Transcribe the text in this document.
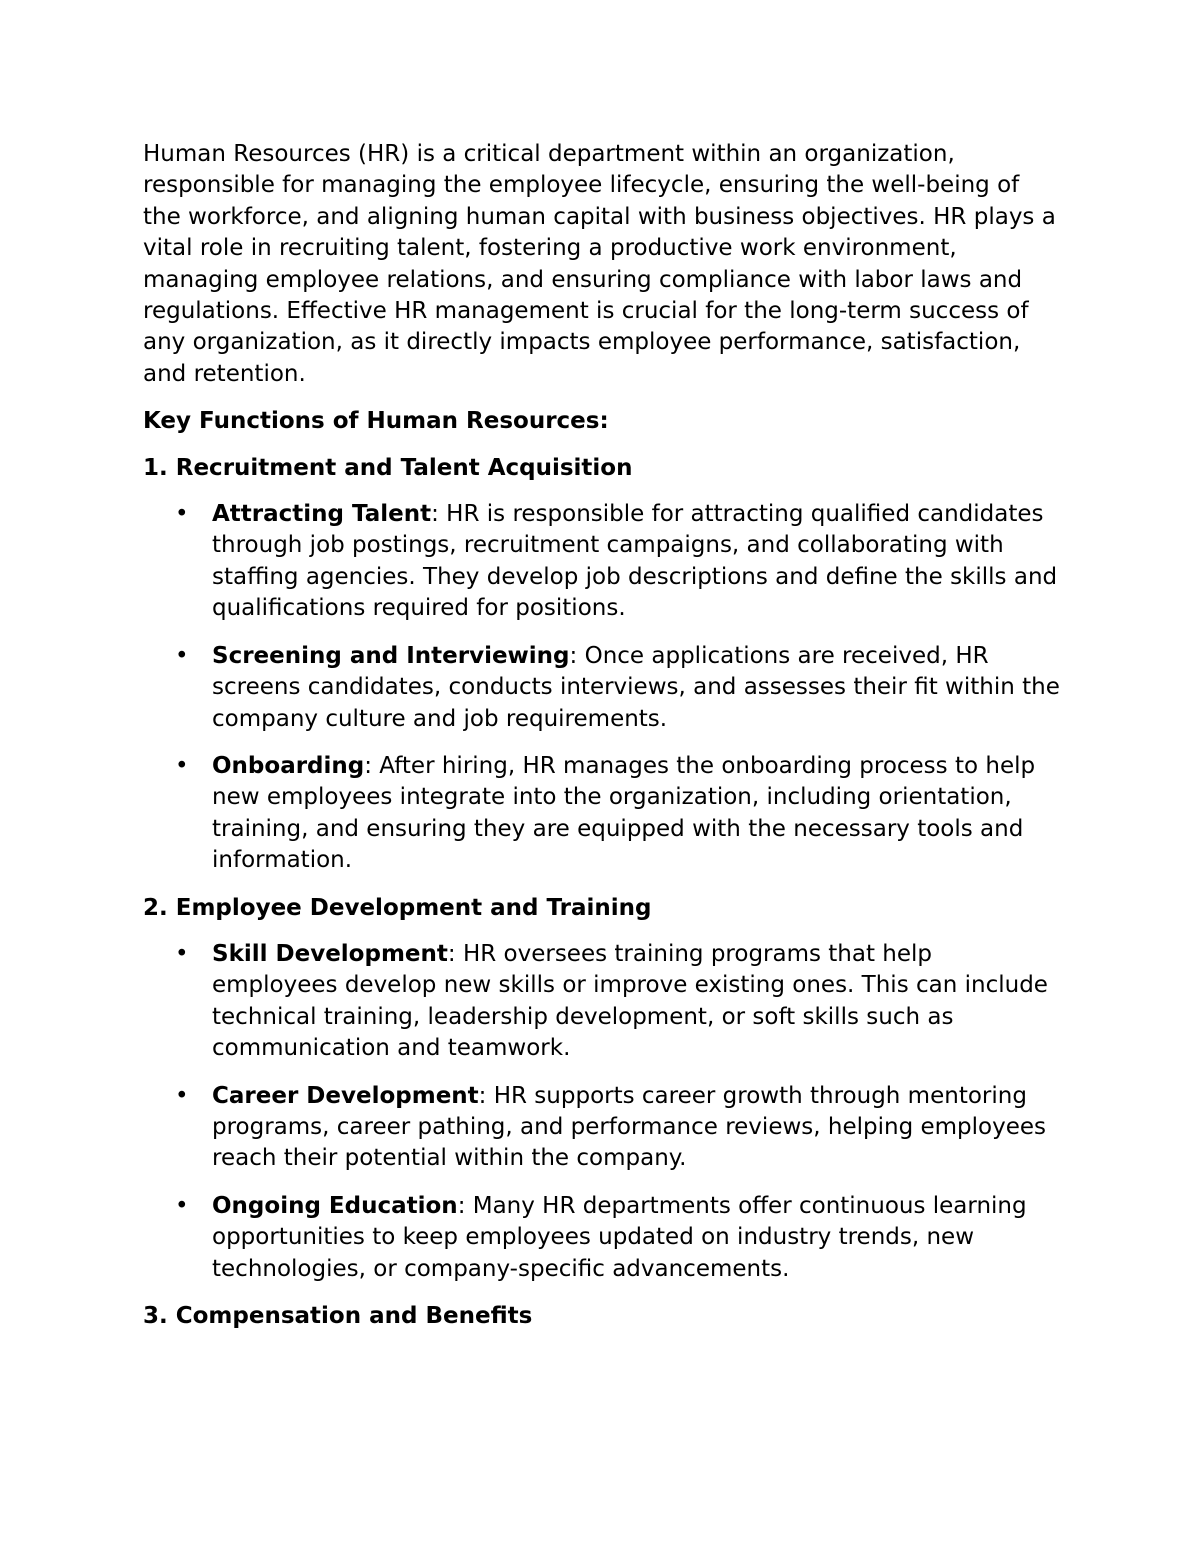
Human Resources (HR) is a critical department within an organization, responsible for managing the employee lifecycle, ensuring the well-being of the workforce, and aligning human capital with business objectives. HR plays a vital role in recruiting talent, fostering a productive work environment, managing employee relations, and ensuring compliance with labor laws and regulations. Effective HR management is crucial for the long-term success of any organization, as it directly impacts employee performance, satisfaction, and retention.

Key Functions of Human Resources:

1. Recruitment and Talent Acquisition

• Attracting Talent: HR is responsible for attracting qualified candidates through job postings, recruitment campaigns, and collaborating with staffing agencies. They develop job descriptions and define the skills and qualifications required for positions.
• Screening and Interviewing: Once applications are received, HR screens candidates, conducts interviews, and assesses their fit within the company culture and job requirements.
• Onboarding: After hiring, HR manages the onboarding process to help new employees integrate into the organization, including orientation, training, and ensuring they are equipped with the necessary tools and information.

2. Employee Development and Training

• Skill Development: HR oversees training programs that help employees develop new skills or improve existing ones. This can include technical training, leadership development, or soft skills such as communication and teamwork.
• Career Development: HR supports career growth through mentoring programs, career pathing, and performance reviews, helping employees reach their potential within the company.
• Ongoing Education: Many HR departments offer continuous learning opportunities to keep employees updated on industry trends, new technologies, or company-specific advancements.

3. Compensation and Benefits
